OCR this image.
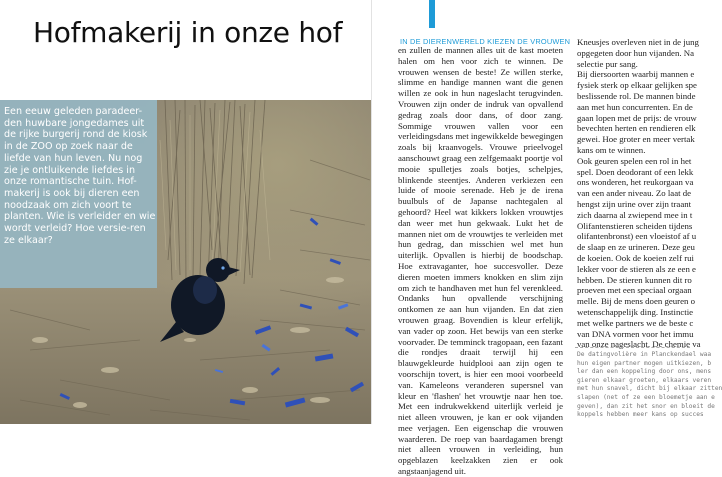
Hofmakerij in onze hof

Een eeuw geleden paradeer-den huwbare jongedames uit de rijke burgerij rond de kiosk in de ZOO op zoek naar de liefde van hun leven. Nu nog zie je ontluikende liefdes in onze romantische tuin. Hof-makerij is ook bij dieren een noodzaak om zich voort te planten. Wie is verleider en wie wordt verleid? Hoe versie-ren ze elkaar?

IN DE DIERENWERELD KIEZEN DE VROUWEN

en zullen de mannen alles uit de kast moeten halen om hen voor zich te winnen. De vrouwen wensen de beste! Ze willen sterke, slimme en handige mannen want die genen willen ze ook in hun nageslacht terugvinden. Vrouwen zijn onder de indruk van opvallend gedrag zoals door dans, of door zang. Sommige vrouwen vallen voor een verleidingsdans met ingewikkelde bewegingen zoals bij kraanvogels. Vrouwe prieelvogel aanschouwt graag een zelfgemaakt poortje vol mooie spulletjes zoals botjes, schelpjes, blinkende steentjes. Anderen verkiezen een luide of mooie serenade. Heb je de irena buulbuls of de Japanse nachtegalen al gehoord? Heel wat kikkers lokken vrouwtjes dan weer met hun gekwaak. Lukt het de mannen niet om de vrouwtjes te verleiden met hun gedrag, dan misschien wel met hun uiterlijk. Opvallen is hierbij de boodschap. Hoe extravaganter, hoe succesvoller. Deze dieren moeten immers knokken en slim zijn om zich te handhaven met hun fel verenkleed. Ondanks hun opvallende verschijning ontkomen ze aan hun vijanden. En dat zien vrouwen graag. Bovendien is kleur erfelijk, van vader op zoon. Het bewijs van een sterke voorvader. De temminck tragopaan, een fazant die rondjes draait terwijl hij een blauwgekleurde huidplooi aan zijn ogen te voorschijn tovert, is hier een mooi voorbeeld van. Kameleons veranderen supersnel van kleur en 'flashen' het vrouwtje naar hen toe. Met een indrukwekkend uiterlijk verleid je niet alleen vrouwen, je kan er ook vijanden mee verjagen. Een eigenschap die vrouwen waarderen. De roep van baardagamen brengt niet alleen vrouwen in verleiding, hun opgeblazen keelzakken zien er ook angstaanjagend uit.

Kneusjes overleven niet in de jung
opgegeten door hun vijanden. Na
selectie pur sang.
Bij diersoorten waarbij mannen e
fysiek sterk op elkaar gelijken spe
beslissende rol. De mannen binde
aan met hun concurrenten. En de
gaan lopen met de prijs: de vrouw
bevechten herten en rendieren elk
gewei. Hoe groter en meer vertak
kans om te winnen.
Ook geuren spelen een rol in het
spel. Doen deodorant of een lekk
ons wonderen, het reukorgaan va
van een ander niveau. Zo laat de
hengst zijn urine over zijn traant
zich daarna al zwiepend mee in t
Olifantenstieren scheiden tijdens
olifantenbronst) een vloeistof af u
de slaap en ze urineren. Deze geu
de koeien. Ook de koeien zelf rui
lekker voor de stieren als ze een e
hebben. De stieren kunnen dit ro
proeven met een speciaal orgaan
melle. Bij de mens doen geuren o
wetenschappelijk ding. Instinctie
met welke partners we de beste c
van DNA vormen voor het immu
van onze nageslacht. De chemie va
De datingvolière in Planckendael waa
hun eigen partner mogen uitkiezen, b
ler dan een koppeling door ons, mens
gieren elkaar groeten, elkaars veren
met hun snavel, dicht bij elkaar zitten
slapen (net of ze een bloemetje aan e
geven), dan zit het snor en bloeit de
koppels hebben meer kans op succes
